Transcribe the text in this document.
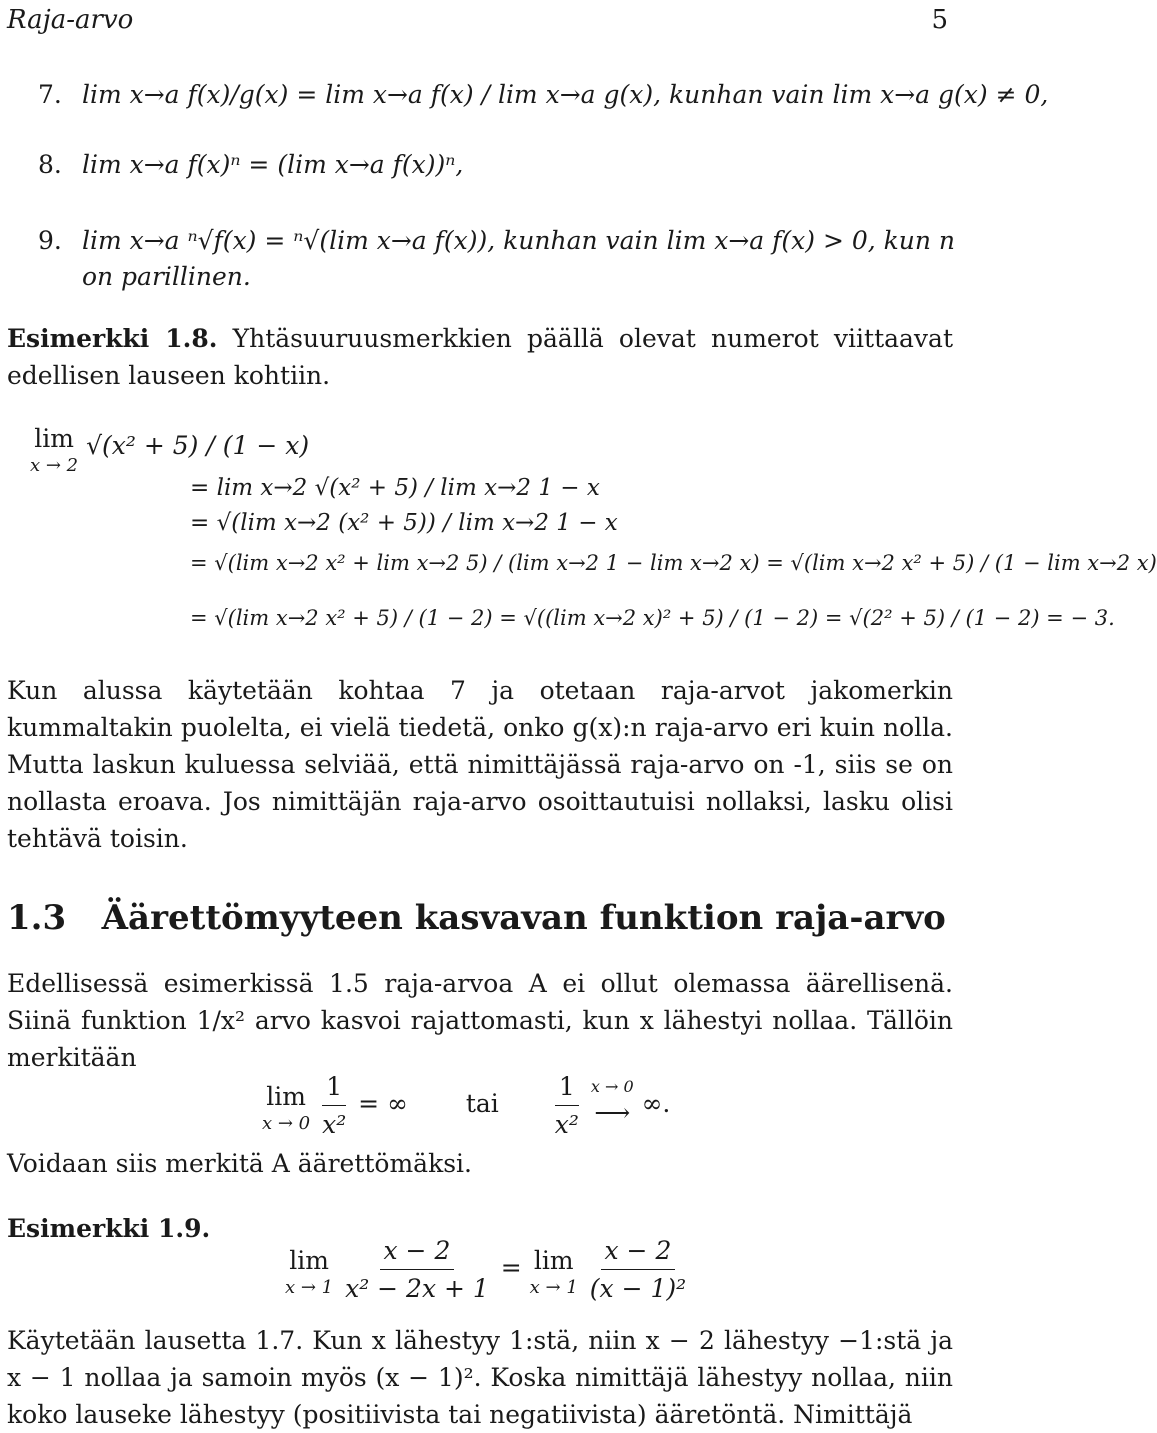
Raja-arvo	5
7. lim x→a f(x)/g(x) = lim x→a f(x) / lim x→a g(x), kunhan vain lim x→a g(x) ≠ 0,
8. lim x→a f(x)ⁿ = (lim x→a f(x))ⁿ,
9. lim x→a ⁿ√f(x) = ⁿ√(lim x→a f(x)), kunhan vain lim x→a f(x) > 0, kun n
on parillinen.
Esimerkki 1.8. Yhtäsuuruusmerkkien päällä olevat numerot viittaavat edellisen lauseen kohtiin.
lim
x → 2
√(x² + 5) / (1 − x)
= lim x→2 √(x² + 5) / lim x→2 1 − x
= √(lim x→2 (x² + 5)) / lim x→2 1 − x
= √(lim x→2 x² + lim x→2 5) / (lim x→2 1 − lim x→2 x) = √(lim x→2 x² + 5) / (1 − lim x→2 x)
= √(lim x→2 x² + 5) / (1 − 2) = √((lim x→2 x)² + 5) / (1 − 2) = √(2² + 5) / (1 − 2) = − 3.
Kun alussa käytetään kohtaa 7 ja otetaan raja-arvot jakomerkin kummaltakin puolelta, ei vielä tiedetä, onko g(x):n raja-arvo eri kuin nolla. Mutta laskun kuluessa selviää, että nimittäjässä raja-arvo on -1, siis se on nollasta eroava. Jos nimittäjän raja-arvo osoittautuisi nollaksi, lasku olisi tehtävä toisin.
1.3 Äärettömyyteen kasvavan funktion raja-arvo
Edellisessä esimerkissä 1.5 raja-arvoa A ei ollut olemassa äärellisenä. Siinä funktion 1/x² arvo kasvoi rajattomasti, kun x lähestyi nollaa. Tällöin merkitään
lim
x → 0
$\frac{1}{\text{x²}}$ = ∞ tai $\frac{1}{\text{x²}}$
x → 0
⟶ ∞.
Voidaan siis merkitä A äärettömäksi.
Esimerkki 1.9.
lim
x → 1
$\frac{x - 2}{\text{x² − 2x + 1}} = \lim$
x → 1
$\frac{x - 2}{\text{(x − 1)²}}$
Käytetään lausetta 1.7. Kun x lähestyy 1:stä, niin x − 2 lähestyy −1:stä ja x − 1 nollaa ja samoin myös (x − 1)². Koska nimittäjä lähestyy nollaa, niin koko lauseke lähestyy (positiivista tai negatiivista) ääretöntä. Nimittäjä
